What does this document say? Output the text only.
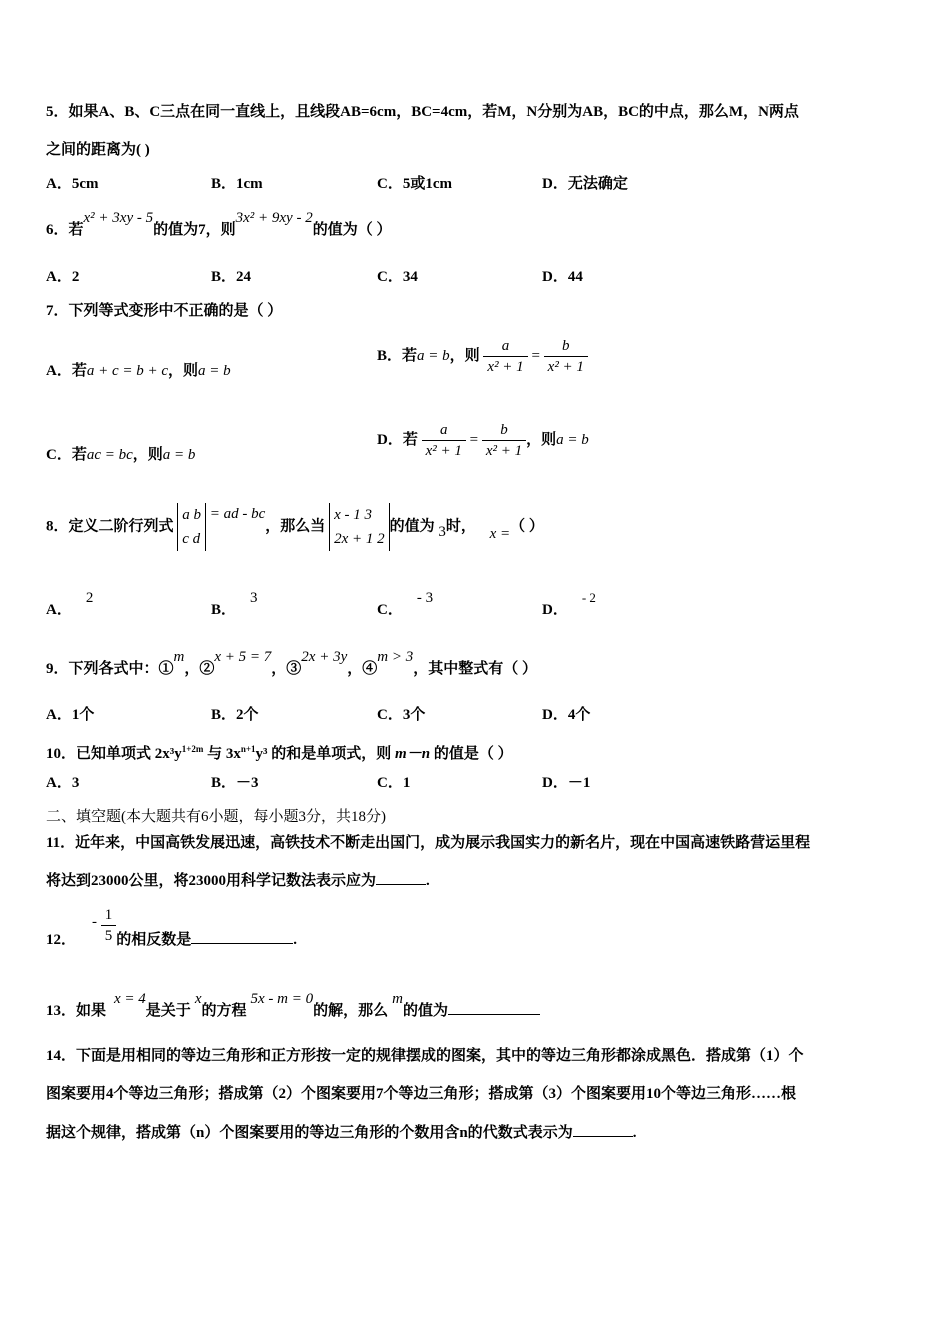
5．如果A、B、C三点在同一直线上，且线段AB=6cm，BC=4cm，若M，N分别为AB，BC的中点，那么M，N两点
之间的距离为( )
A．5cm	B．1cm	C．5或1cm	D．无法确定
6．若x² + 3xy - 5的值为7，则3x² + 9xy - 2的值为（ ）
A．2	B．24	C．34	D．44
7．下列等式变形中不正确的是（ ）
A．若a + c = b + c，则a = b
B．若a = b，则 $\frac{a}{\text{x² + 1}} = \frac{b}{\text{x² + 1}}$
C．若ac = bc，则a = b
D．若 $\frac{a}{\text{x² + 1}} = \frac{b}{\text{x² + 1}}$ ，则a = b
8．定义二阶行列式
a b
c d
= ad - bc，那么当
x - 1 3
2x + 1 2
的值为 3时， x =（ ）
A．2
B．3
C．- 3
D．- 2
9．下列各式中：①m，②x + 5 = 7，③2x + 3y，④m > 3，其中整式有（ ）
A．1个	B．2个	C．3个	D．4个
10．已知单项式 $2x^3y^{1+2m}$ 与 $3x^{n+1}y^3$ 的和是单项式，则 m－n 的值是（ ）
A．3	B．－3	C．1	D．－1
二、填空题(本大题共有6小题，每小题3分，共18分)
11．近年来，中国高铁发展迅速，高铁技术不断走出国门，成为展示我国实力的新名片，现在中国高速铁路营运里程
将达到23000公里，将23000用科学记数法表示应为	.
12．- $\frac{1}{5}$ 的相反数是	.
13．如果x = 4是关于x的方程5x - m = 0的解，那么m的值为
14．下面是用相同的等边三角形和正方形按一定的规律摆成的图案，其中的等边三角形都涂成黑色．搭成第（1）个
图案要用4个等边三角形；搭成第（2）个图案要用7个等边三角形；搭成第（3）个图案要用10个等边三角形……根
据这个规律，搭成第（n）个图案要用的等边三角形的个数用含n的代数式表示为	.
